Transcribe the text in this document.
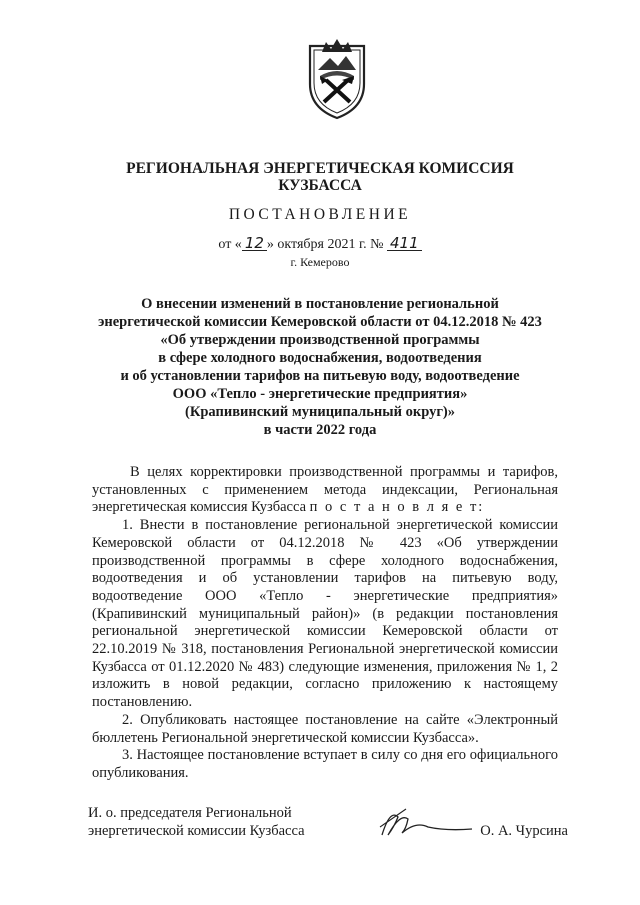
РЕГИОНАЛЬНАЯ ЭНЕРГЕТИЧЕСКАЯ КОМИССИЯ
КУЗБАССА
ПОСТАНОВЛЕНИЕ
от « 12 » октября 2021 г. № 411
г. Кемерово
О внесении изменений в постановление региональной
энергетической комиссии Кемеровской области от 04.12.2018 № 423
«Об утверждении производственной программы
в сфере холодного водоснабжения, водоотведения
и об установлении тарифов на питьевую воду, водоотведение
ООО «Тепло - энергетические предприятия»
(Крапивинский муниципальный округ)»
в части 2022 года
В целях корректировки производственной программы и тарифов, установленных с применением метода индексации, Региональная энергетическая комиссия Кузбасса п о с т а н о в л я е т:
1. Внести в постановление региональной энергетической комиссии Кемеровской области от 04.12.2018 № 423 «Об утверждении производственной программы в сфере холодного водоснабжения, водоотведения и об установлении тарифов на питьевую воду, водоотведение ООО «Тепло - энергетические предприятия» (Крапивинский муниципальный район)» (в редакции постановления региональной энергетической комиссии Кемеровской области от 22.10.2019 № 318, постановления Региональной энергетической комиссии Кузбасса от 01.12.2020 № 483) следующие изменения, приложения № 1, 2 изложить в новой редакции, согласно приложению к настоящему постановлению.
2. Опубликовать настоящее постановление на сайте «Электронный бюллетень Региональной энергетической комиссии Кузбасса».
3. Настоящее постановление вступает в силу со дня его официального опубликования.
И. о. председателя Региональной
энергетической комиссии Кузбасса	О. А. Чурсина
